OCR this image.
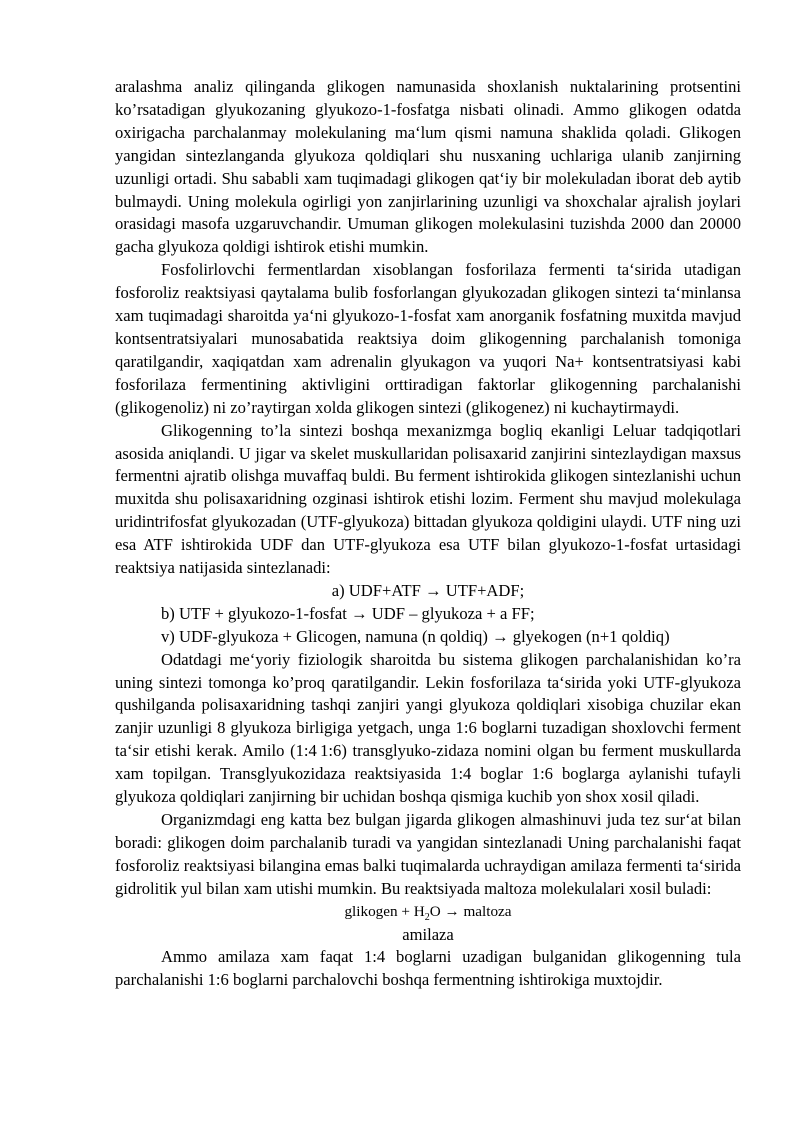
aralashma analiz qilinganda glikogen namunasida shoxlanish nuktalarining protsentini ko’rsatadigan glyukozaning glyukozo-1-fosfatga nisbati olinadi. Ammo glikogen odatda oxirigacha parchalanmay molekulaning ma‘lum qismi namuna shaklida qoladi. Glikogen yangidan sintezlanganda glyukoza qoldiqlari shu nusxaning uchlariga ulanib zanjirning uzunligi ortadi. Shu sababli xam tuqimadagi glikogen qat‘iy bir molekuladan iborat deb aytib bulmaydi. Uning molekula ogirligi yon zanjirlarining uzunligi va shoxchalar ajralish joylari orasidagi masofa uzgaruvchandir. Umuman glikogen molekulasini tuzishda 2000 dan 20000 gacha glyukoza qoldigi ishtirok etishi mumkin.

Fosfolirlovchi fermentlardan xisoblangan fosforilaza fermenti ta‘sirida utadigan fosforoliz reaktsiyasi qaytalama bulib fosforlangan glyukozadan glikogen sintezi ta‘minlansa xam tuqimadagi sharoitda ya‘ni glyukozo-1-fosfat xam anorganik fosfatning muxitda mavjud kontsentratsiyalari munosabatida reaktsiya doim glikogenning parchalanish tomoniga qaratilgandir, xaqiqatdan xam adrenalin glyukagon va yuqori Na+ kontsentratsiyasi kabi fosforilaza fermentining aktivligini orttiradigan faktorlar glikogenning parchalanishi (glikogenoliz) ni zo’raytirgan xolda glikogen sintezi (glikogenez) ni kuchaytirmaydi.

Glikogenning to’la sintezi boshqa mexanizmga bogliq ekanligi Leluar tadqiqotlari asosida aniqlandi. U jigar va skelet muskullaridan polisaxarid zanjirini sintezlaydigan maxsus fermentni ajratib olishga muvaffaq buldi. Bu ferment ishtirokida glikogen sintezlanishi uchun muxitda shu polisaxaridning ozginasi ishtirok etishi lozim. Ferment shu mavjud molekulaga uridintrifosfat glyukozadan (UTF-glyukoza) bittadan glyukoza qoldigini ulaydi. UTF ning uzi esa ATF ishtirokida UDF dan UTF-glyukoza esa UTF bilan glyukozo-1-fosfat urtasidagi reaktsiya natijasida sintezlanadi:

a) UDF+ATF → UTF+ADF;

b) UTF + glyukozo-1-fosfat → UDF – glyukoza + a FF;

v) UDF-glyukoza + Glicogen, namuna (n qoldiq) → glyekogen (n+1 qoldiq)

Odatdagi me‘yoriy fiziologik sharoitda bu sistema glikogen parchalanishidan ko’ra uning sintezi tomonga ko’proq qaratilgandir. Lekin fosforilaza ta‘sirida yoki UTF-glyukoza qushilganda polisaxaridning tashqi zanjiri yangi glyukoza qoldiqlari xisobiga chuzilar ekan zanjir uzunligi 8 glyukoza birligiga yetgach, unga 1:6 boglarni tuzadigan shoxlovchi ferment ta‘sir etishi kerak. Amilo (1:4 1:6) transglyuko-zidaza nomini olgan bu ferment muskullarda xam topilgan. Transglyukozidaza reaktsiyasida 1:4 boglar 1:6 boglarga aylanishi tufayli glyukoza qoldiqlari zanjirning bir uchidan boshqa qismiga kuchib yon shox xosil qiladi.

Organizmdagi eng katta bez bulgan jigarda glikogen almashinuvi juda tez sur‘at bilan boradi: glikogen doim parchalanib turadi va yangidan sintezlanadi Uning parchalanishi faqat fosforoliz reaktsiyasi bilangina emas balki tuqimalarda uchraydigan amilaza fermenti ta‘sirida gidrolitik yul bilan xam utishi mumkin. Bu reaktsiyada maltoza molekulalari xosil buladi:

glikogen + $H_2O$ → maltoza

amilaza

Ammo amilaza xam faqat 1:4 boglarni uzadigan bulganidan glikogenning tula parchalanishi 1:6 boglarni parchalovchi boshqa fermentning ishtirokiga muxtojdir.
